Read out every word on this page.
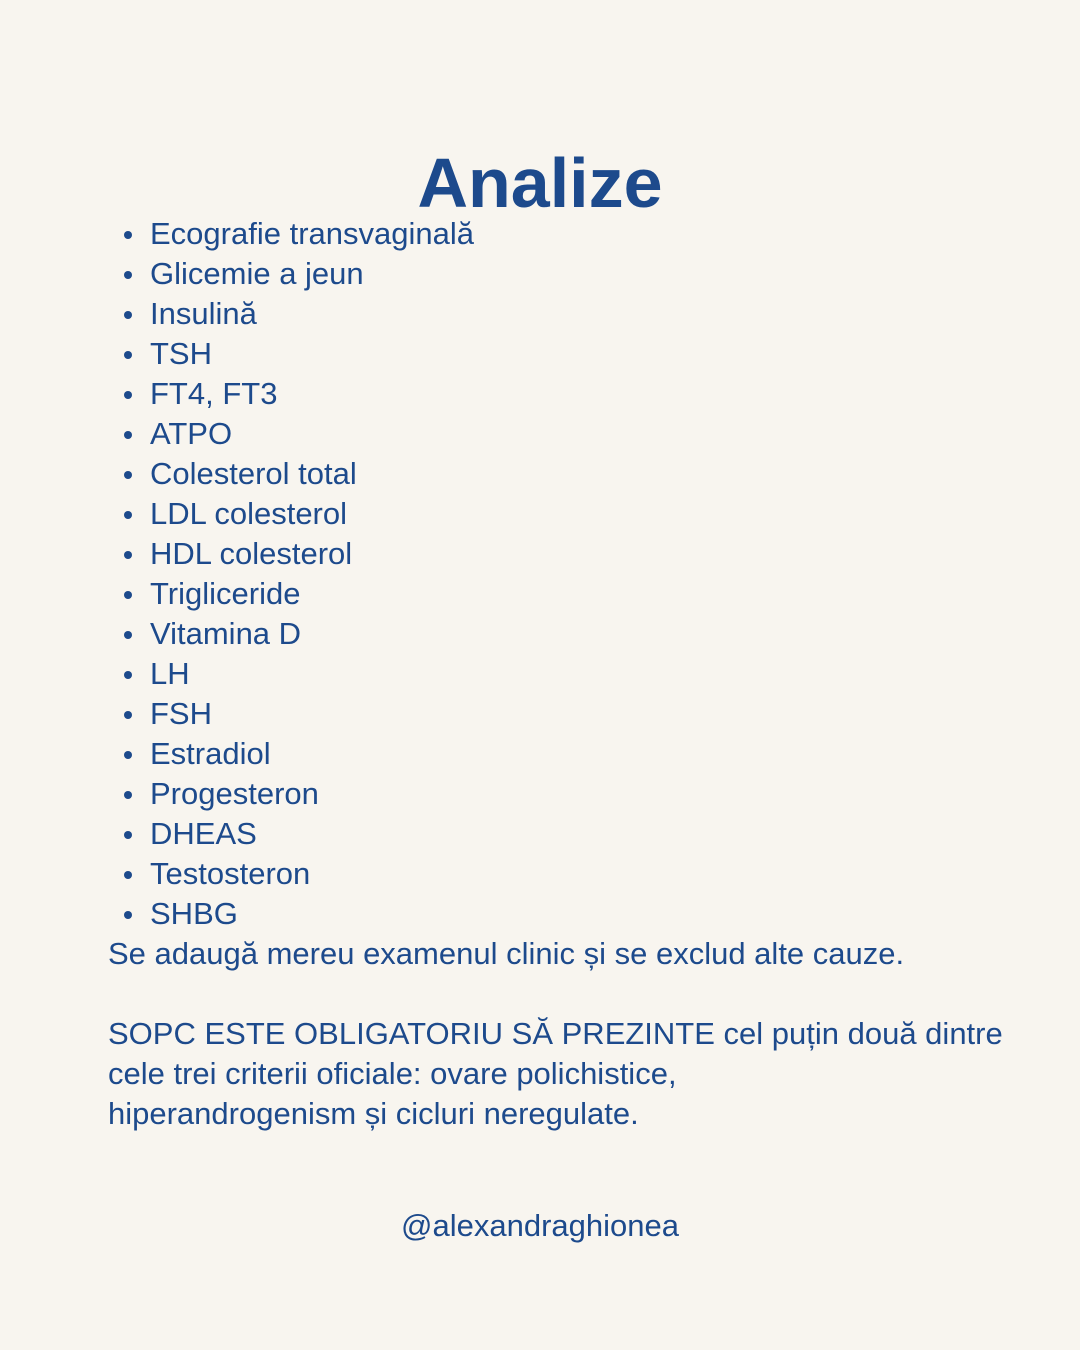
Analize
Ecografie transvaginală
Glicemie a jeun
Insulină
TSH
FT4, FT3
ATPO
Colesterol total
LDL colesterol
HDL colesterol
Trigliceride
Vitamina D
LH
FSH
Estradiol
Progesteron
DHEAS
Testosteron
SHBG

Se adaugă mereu examenul clinic și se exclud alte cauze.

SOPC ESTE OBLIGATORIU SĂ PREZINTE cel puțin două dintre
cele trei criterii oficiale: ovare polichistice,
hiperandrogenism și cicluri neregulate.

@alexandraghionea
